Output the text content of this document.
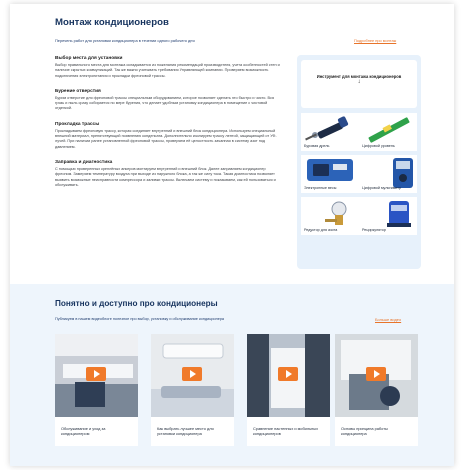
Монтаж кондиционеров
Перечень работ для установки кондиционера в течении одного рабочего дня	Подробнее про монтаж
Выбор места для установки
Выбор правильного места для монтажа складывается из пожелания рекомендаций производителя, учета особенностей стен и наличие скрытых коммуникаций. Так же важно учитывать требования Управляющей компании. Проверяем возможность подключения электропитания и прокладки фреоновой трассы.
Бурение отверстия
Бурим отверстие для фреоновой трассы специальным оборудованием, которое позволяет сделать это быстро и чисто. Вся грязь и пыль сразу собирается по мере бурения, что делает удобным установку кондиционера в помещение с чистовой отделкой.
Прокладка трассы
Прокладываем фреоновую трассу, которая соединяет внутренний и внешний блок кондиционера. Используем специальный внешний материал, препятствующий появлению конденсата. Дополнительно изолируем трассу лентой, защищающей от УФ-лучей. При наличии ранее установленной фреоновой трассы, проверяем её целостность зачанная в систему азот под давлением.
Заправка и диагностика
С помощью проверенных креплёных анкеров монтируем внутренний и внешний блок. Далее заправляем кондиционер фреоном. Замеряем температуру воздуха при выходе из наружного блока, а так же силу тока. Такая диагностика позволяет выявить возможные неисправности компрессора и заливки трассы. Включаем систему и показываем, как ей пользоваться и обслуживать.
Инструмент для монтажа кондиционеров
↓
Буровая дрель	Цифровой уровень
Электронные весы	Цифровой мультиметр
Редуктор для азота	Рециркулятор
Понятно и доступно про кондиционеры
Публикуем в нашем видеоблоге полезное про выбор, установку и обслуживание кондиционера	Больше видео
Обслуживание и уход за кондиционером
Как выбрать лучшее место для установки кондиционера
Сравнение настенных и мобильных кондиционеров
Основы принципа работы кондиционера
